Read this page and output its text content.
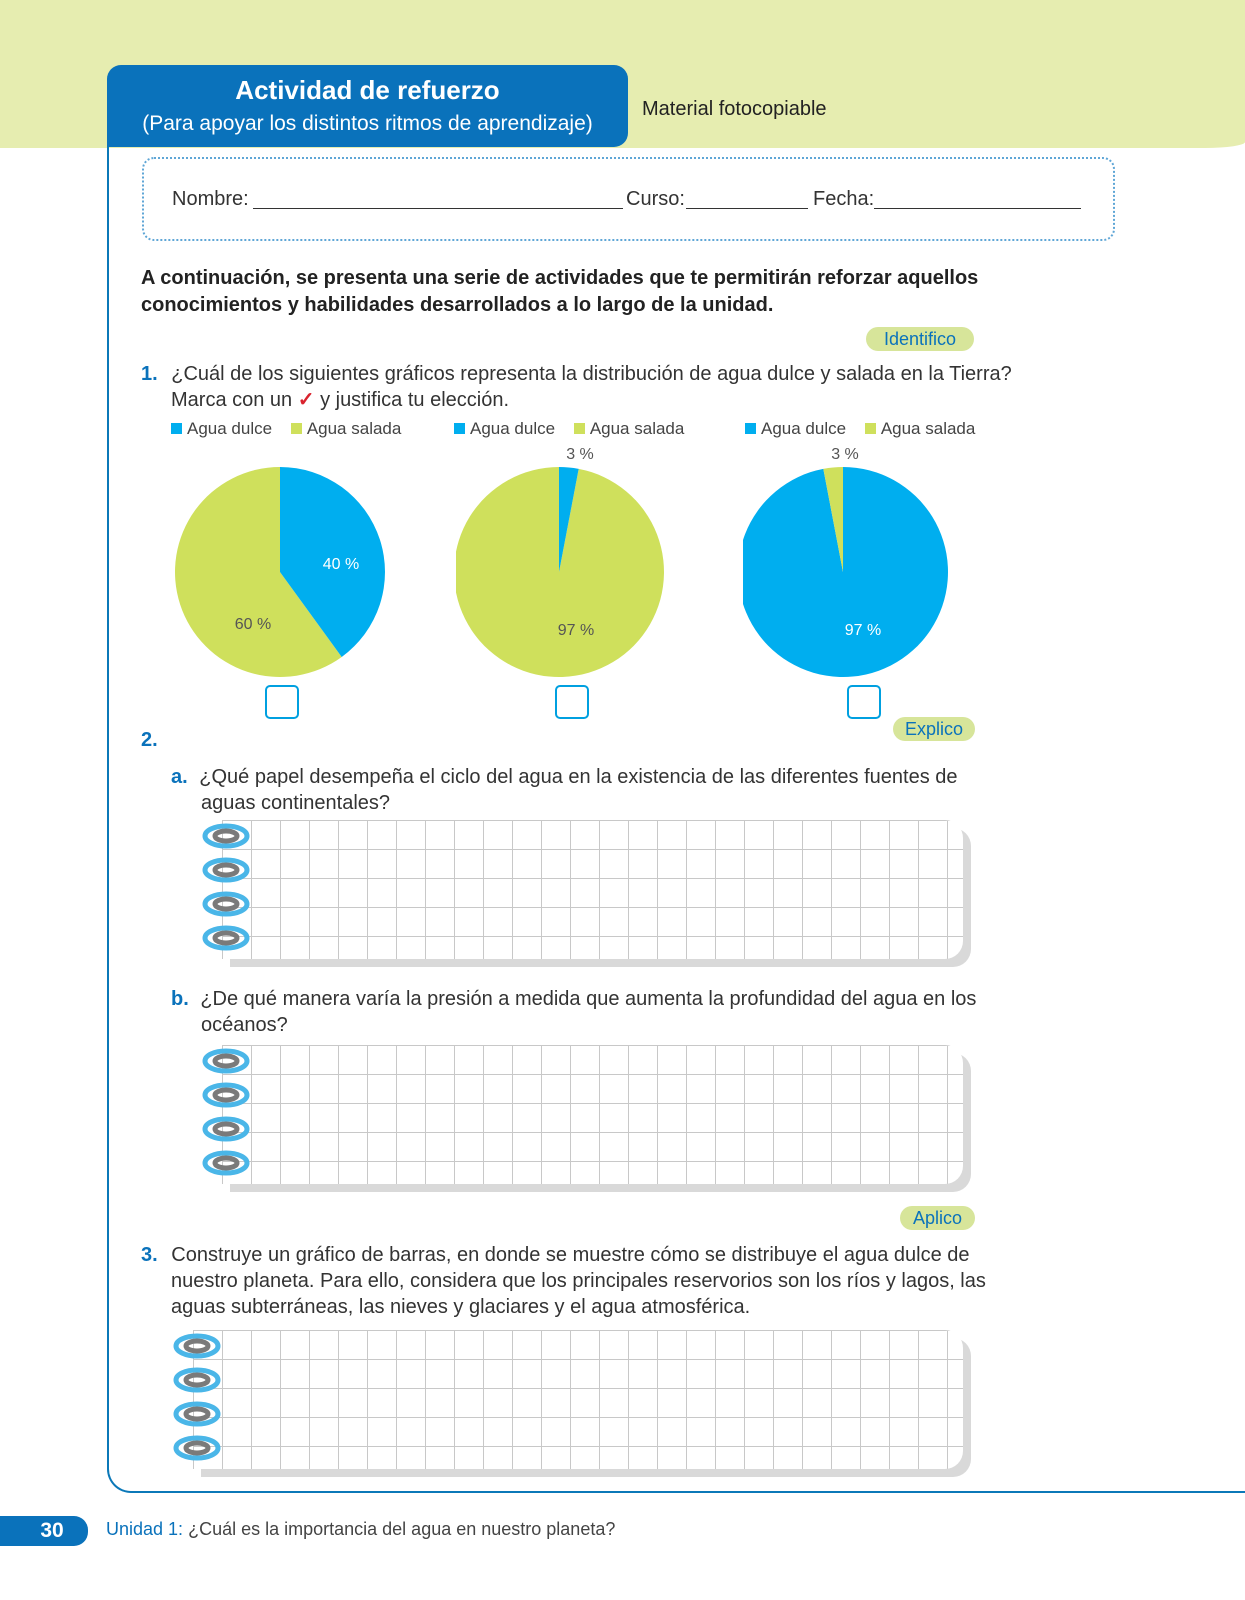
Actividad de refuerzo
(Para apoyar los distintos ritmos de aprendizaje)
Material fotocopiable
Nombre:	Curso:	Fecha:
A continuación, se presenta una serie de actividades que te permitirán reforzar aquellos conocimientos y habilidades desarrollados a lo largo de la unidad.
Identifico
1. ¿Cuál de los siguientes gráficos representa la distribución de agua dulce y salada en la Tierra?
Marca con un ✓ y justifica tu elección.
Agua dulce Agua salada	Agua dulce Agua salada	Agua dulce Agua salada
40 %
60 %
3 %
97 %
3 %
97 %
Explico
2.
a. ¿Qué papel desempeña el ciclo del agua en la existencia de las diferentes fuentes de
aguas continentales?
b. ¿De qué manera varía la presión a medida que aumenta la profundidad del agua en los
océanos?
Aplico
3. Construye un gráfico de barras, en donde se muestre cómo se distribuye el agua dulce de
nuestro planeta. Para ello, considera que los principales reservorios son los ríos y lagos, las
aguas subterráneas, las nieves y glaciares y el agua atmosférica.
30	Unidad 1: ¿Cuál es la importancia del agua en nuestro planeta?
